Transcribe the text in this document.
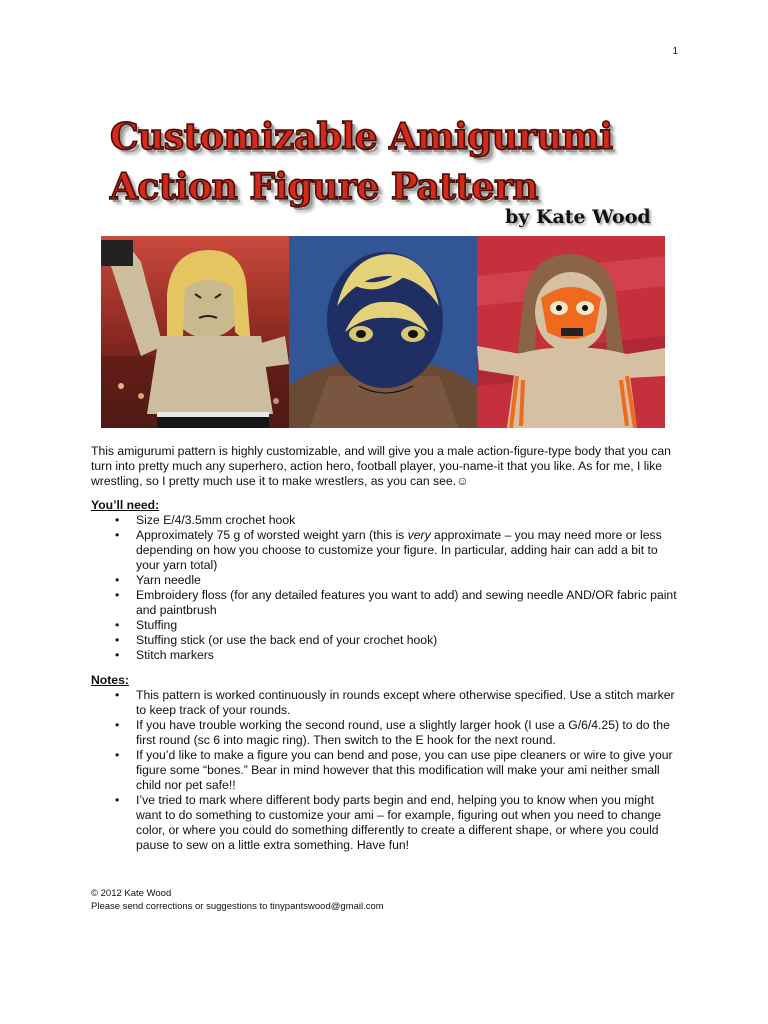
1
Customizable Amigurumi
Action Figure Pattern
by Kate Wood

This amigurumi pattern is highly customizable, and will give you a male action-figure-type body that you can turn into pretty much any superhero, action hero, football player, you-name-it that you like. As for me, I like wrestling, so I pretty much use it to make wrestlers, as you can see.☺

You’ll need:

• Size E/4/3.5mm crochet hook
• Approximately 75 g of worsted weight yarn (this is very approximate – you may need more or less depending on how you choose to customize your figure. In particular, adding hair can add a bit to your yarn total)
• Yarn needle
• Embroidery floss (for any detailed features you want to add) and sewing needle AND/OR fabric paint and paintbrush
• Stuffing
• Stuffing stick (or use the back end of your crochet hook)
• Stitch markers

Notes:

• This pattern is worked continuously in rounds except where otherwise specified. Use a stitch marker to keep track of your rounds.
• If you have trouble working the second round, use a slightly larger hook (I use a G/6/4.25) to do the first round (sc 6 into magic ring). Then switch to the E hook for the next round.
• If you’d like to make a figure you can bend and pose, you can use pipe cleaners or wire to give your figure some “bones.” Bear in mind however that this modification will make your ami neither small child nor pet safe!!
• I’ve tried to mark where different body parts begin and end, helping you to know when you might want to do something to customize your ami – for example, figuring out when you need to change color, or where you could do something differently to create a different shape, or where you could pause to sew on a little extra something. Have fun!
© 2012 Kate Wood
Please send corrections or suggestions to tinypantswood@gmail.com
